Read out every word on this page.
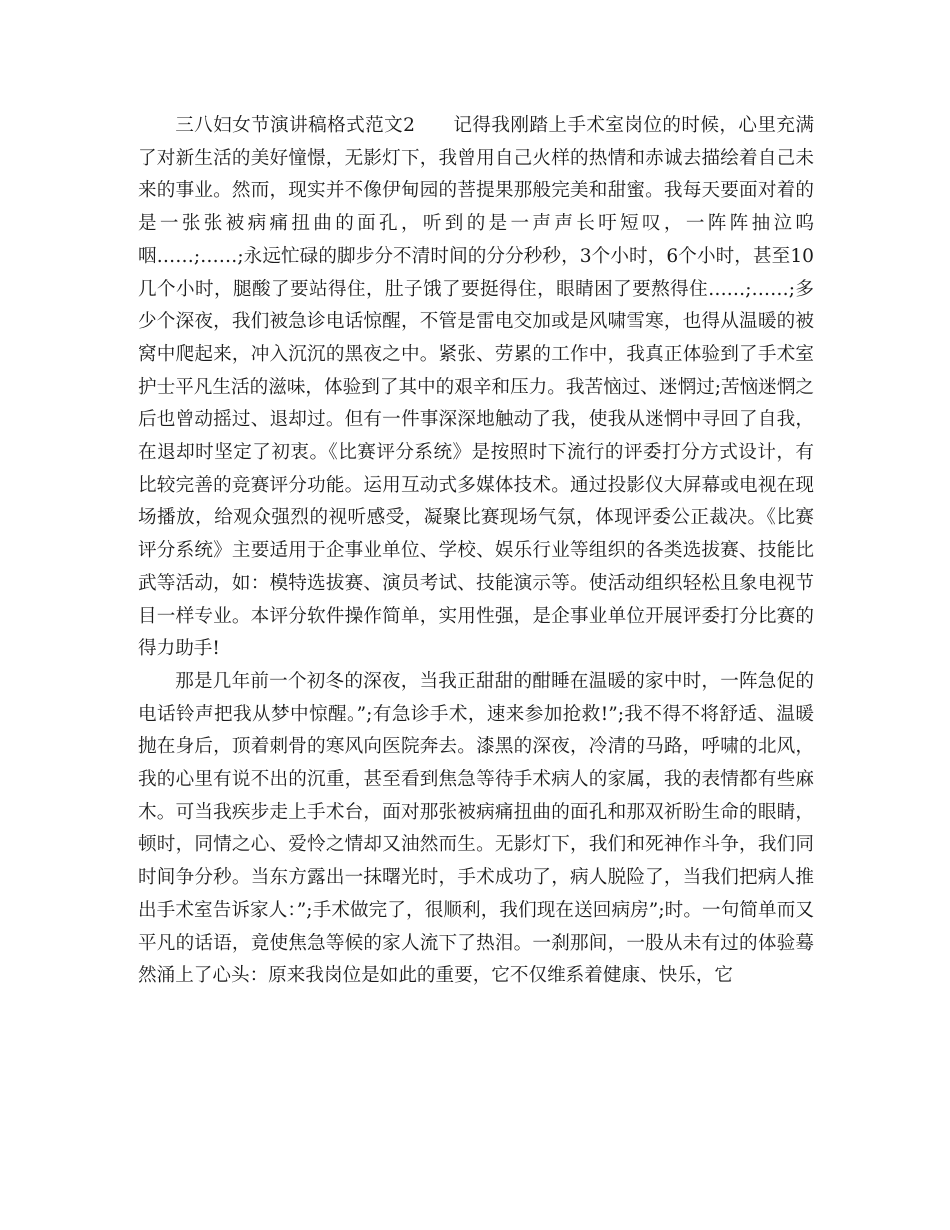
三八妇女节演讲稿格式范文2　　记得我刚踏上手术室岗位的时候，心里充满了对新生活的美好憧憬，无影灯下，我曾用自己火样的热情和赤诚去描绘着自己未来的事业。然而，现实并不像伊甸园的菩提果那般完美和甜蜜。我每天要面对着的是一张张被病痛扭曲的面孔，听到的是一声声长吁短叹，一阵阵抽泣呜咽……;……;永远忙碌的脚步分不清时间的分分秒秒，3个小时，6个小时，甚至10几个小时，腿酸了要站得住，肚子饿了要挺得住，眼睛困了要熬得住……;……;多少个深夜，我们被急诊电话惊醒，不管是雷电交加或是风啸雪寒，也得从温暖的被窝中爬起来，冲入沉沉的黑夜之中。紧张、劳累的工作中，我真正体验到了手术室护士平凡生活的滋味，体验到了其中的艰辛和压力。我苦恼过、迷惘过;苦恼迷惘之后也曾动摇过、退却过。但有一件事深深地触动了我，使我从迷惘中寻回了自我，在退却时坚定了初衷。《比赛评分系统》是按照时下流行的评委打分方式设计，有比较完善的竞赛评分功能。运用互动式多媒体技术。通过投影仪大屏幕或电视在现场播放，给观众强烈的视听感受，凝聚比赛现场气氛，体现评委公正裁决。《比赛评分系统》主要适用于企事业单位、学校、娱乐行业等组织的各类选拔赛、技能比武等活动，如：模特选拔赛、演员考试、技能演示等。使活动组织轻松且象电视节目一样专业。本评分软件操作简单，实用性强，是企事业单位开展评委打分比赛的得力助手!

那是几年前一个初冬的深夜，当我正甜甜的酣睡在温暖的家中时，一阵急促的电话铃声把我从梦中惊醒。”;有急诊手术，速来参加抢救!”;我不得不将舒适、温暖抛在身后，顶着刺骨的寒风向医院奔去。漆黑的深夜，冷清的马路，呼啸的北风，我的心里有说不出的沉重，甚至看到焦急等待手术病人的家属，我的表情都有些麻木。可当我疾步走上手术台，面对那张被病痛扭曲的面孔和那双祈盼生命的眼睛，顿时，同情之心、爱怜之情却又油然而生。无影灯下，我们和死神作斗争，我们同时间争分秒。当东方露出一抹曙光时，手术成功了，病人脱险了，当我们把病人推出手术室告诉家人：”;手术做完了，很顺利，我们现在送回病房”;时。一句简单而又平凡的话语，竟使焦急等候的家人流下了热泪。一刹那间，一股从未有过的体验蓦然涌上了心头：原来我岗位是如此的重要，它不仅维系着健康、快乐，它
